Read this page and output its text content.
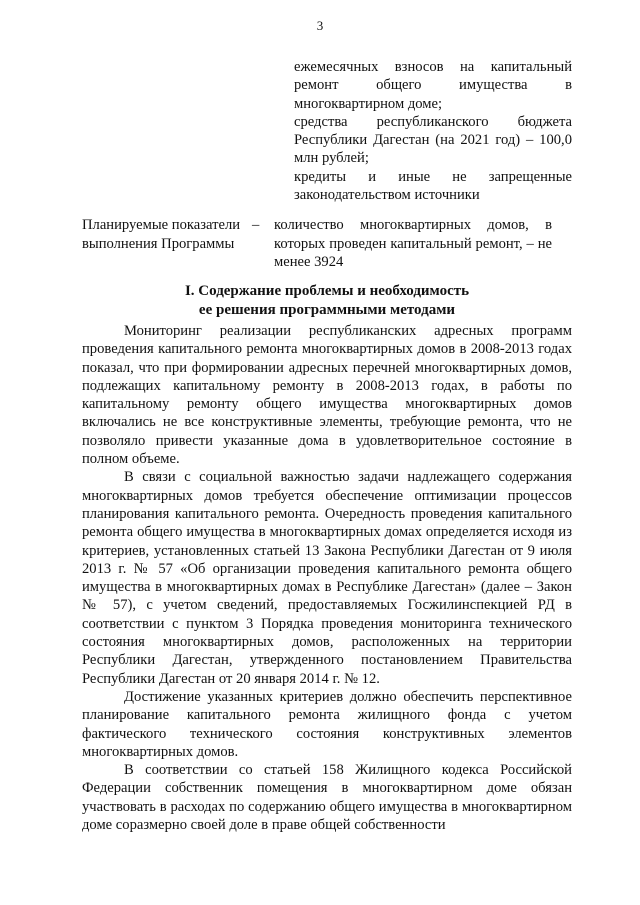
3

ежемесячных взносов на капитальный ремонт общего имущества в многоквартирном доме;

средства республиканского бюджета Республики Дагестан (на 2021 год) – 100,0 млн рублей;

кредиты и иные не запрещенные законодательством источники

Планируемые показатели выполнения Программы
–	количество многоквартирных домов, в которых проведен капитальный ремонт, – не менее 3924
I. Содержание проблемы и необходимость
ее решения программными методами

Мониторинг реализации республиканских адресных программ проведения капитального ремонта многоквартирных домов в 2008-2013 годах показал, что при формировании адресных перечней многоквартирных домов, подлежащих капитальному ремонту в 2008-2013 годах, в работы по капитальному ремонту общего имущества многоквартирных домов включались не все конструктивные элементы, требующие ремонта, что не позволяло привести указанные дома в удовлетворительное состояние в полном объеме.

В связи с социальной важностью задачи надлежащего содержания многоквартирных домов требуется обеспечение оптимизации процессов планирования капитального ремонта. Очередность проведения капитального ремонта общего имущества в многоквартирных домах определяется исходя из критериев, установленных статьей 13 Закона Республики Дагестан от 9 июля 2013 г. № 57 «Об организации проведения капитального ремонта общего имущества в многоквартирных домах в Республике Дагестан» (далее – Закон № 57), с учетом сведений, предоставляемых Госжилинспекцией РД в соответствии с пунктом 3 Порядка проведения мониторинга технического состояния многоквартирных домов, расположенных на территории Республики Дагестан, утвержденного постановлением Правительства Республики Дагестан от 20 января 2014 г. № 12.

Достижение указанных критериев должно обеспечить перспективное планирование капитального ремонта жилищного фонда с учетом фактического технического состояния конструктивных элементов многоквартирных домов.

В соответствии со статьей 158 Жилищного кодекса Российской Федерации собственник помещения в многоквартирном доме обязан участвовать в расходах по содержанию общего имущества в многоквартирном доме соразмерно своей доле в праве общей собственности
